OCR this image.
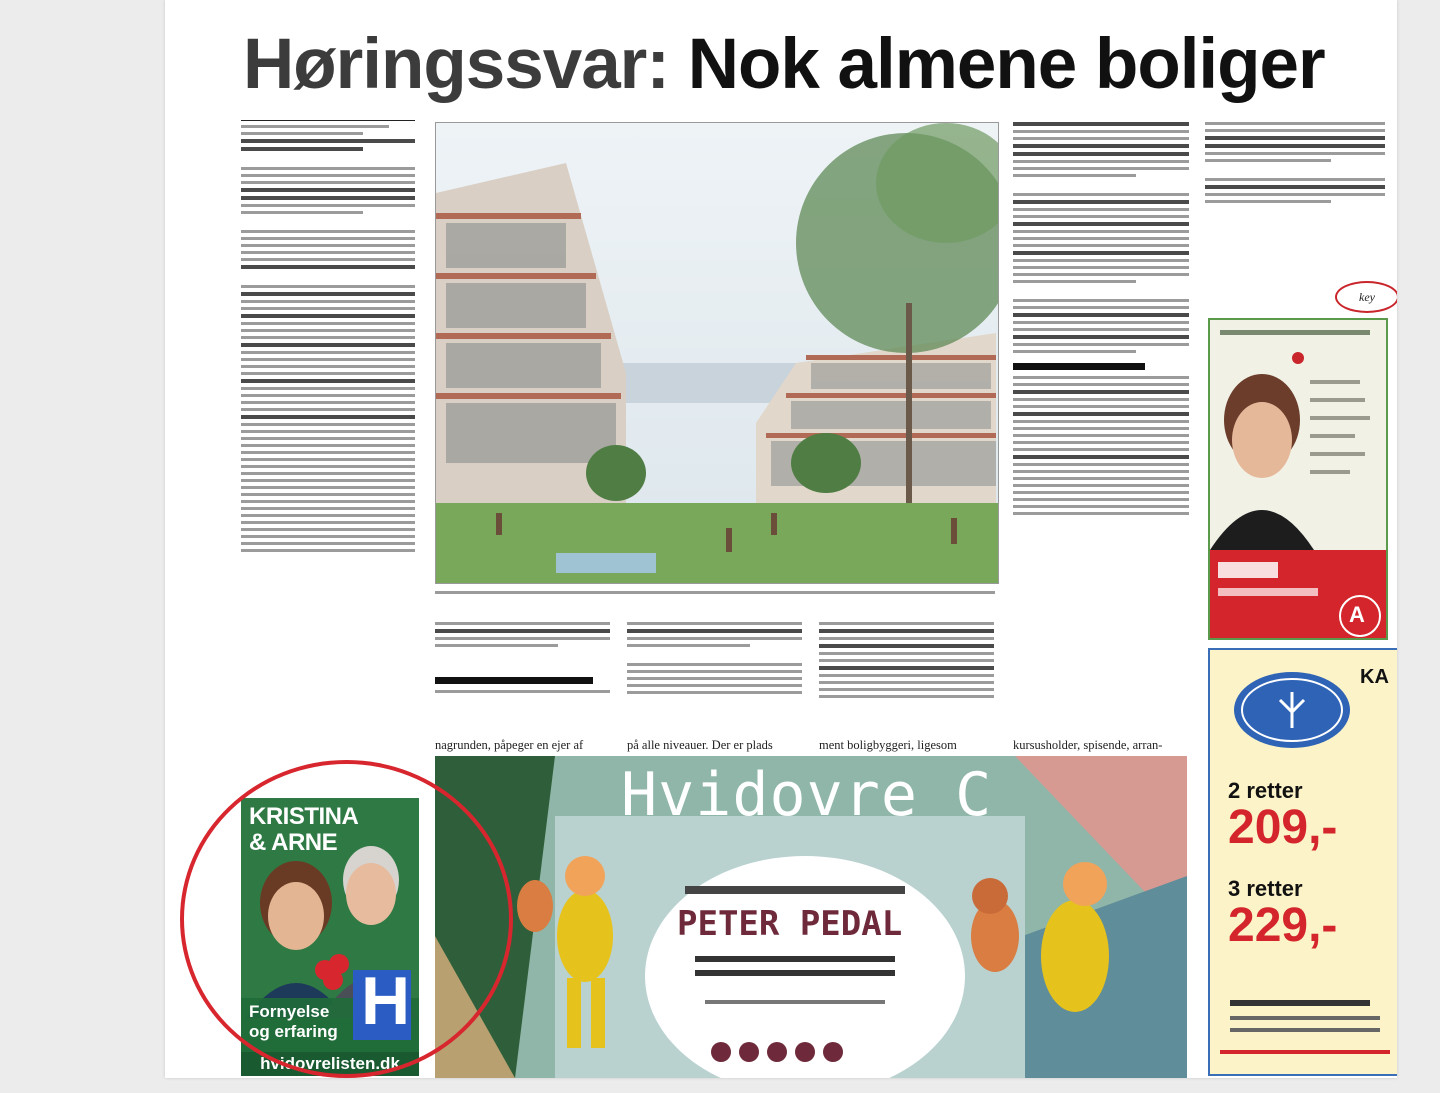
Høringssvar: Nok almene boliger
nagrunden, påpeger en ejer af	på alle niveauer. Der er plads	ment boligbyggeri, ligesom	kursusholder, spisende, arran-
key
A
KA
2 retter
209,-
3 retter
229,-
Hvidovre C
PETER PEDAL
KRISTINA
& ARNE
H
Fornyelse
og erfaring
hvidovrelisten.dk
